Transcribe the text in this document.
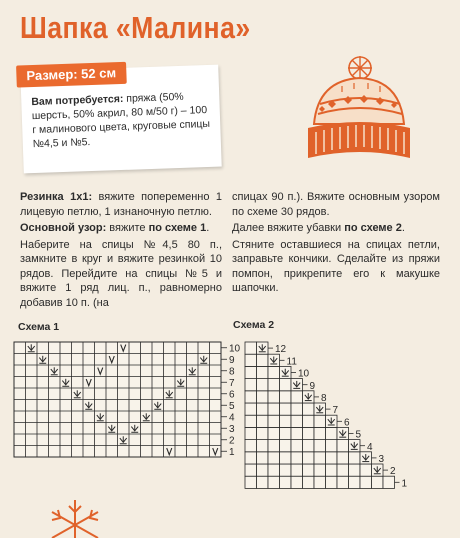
Шапка «Малина»
Размер: 52 см
Вам потребуется: пряжа (50% шерсть, 50% акрил, 80 м/50 г) – 100 г малинового цвета, круговые спицы №4,5 и №5.

Резинка 1х1: вяжите попеременно 1 лицевую петлю, 1 изнаночную петлю.

Основной узор: вяжите по схеме 1.

Наберите на спицы №4,5 80 п., замкните в круг и вяжите резинкой 10 рядов. Перейдите на спицы №5 и вяжите 1 ряд лиц. п., равномерно добавив 10 п. (на

спицах 90 п.). Вяжите основным узором по схеме 30 рядов.

Далее вяжите убавки по схеме 2.

Стяните оставшиеся на спицах петли, заправьте кончики. Сделайте из пряжи помпон, прикрепите его к макушке шапочки.

Схема 1
1
2
3
4
5
6
7
8
9
10
Схема 2
1
2
3
4
5
6
7
8
9
10
11
12
